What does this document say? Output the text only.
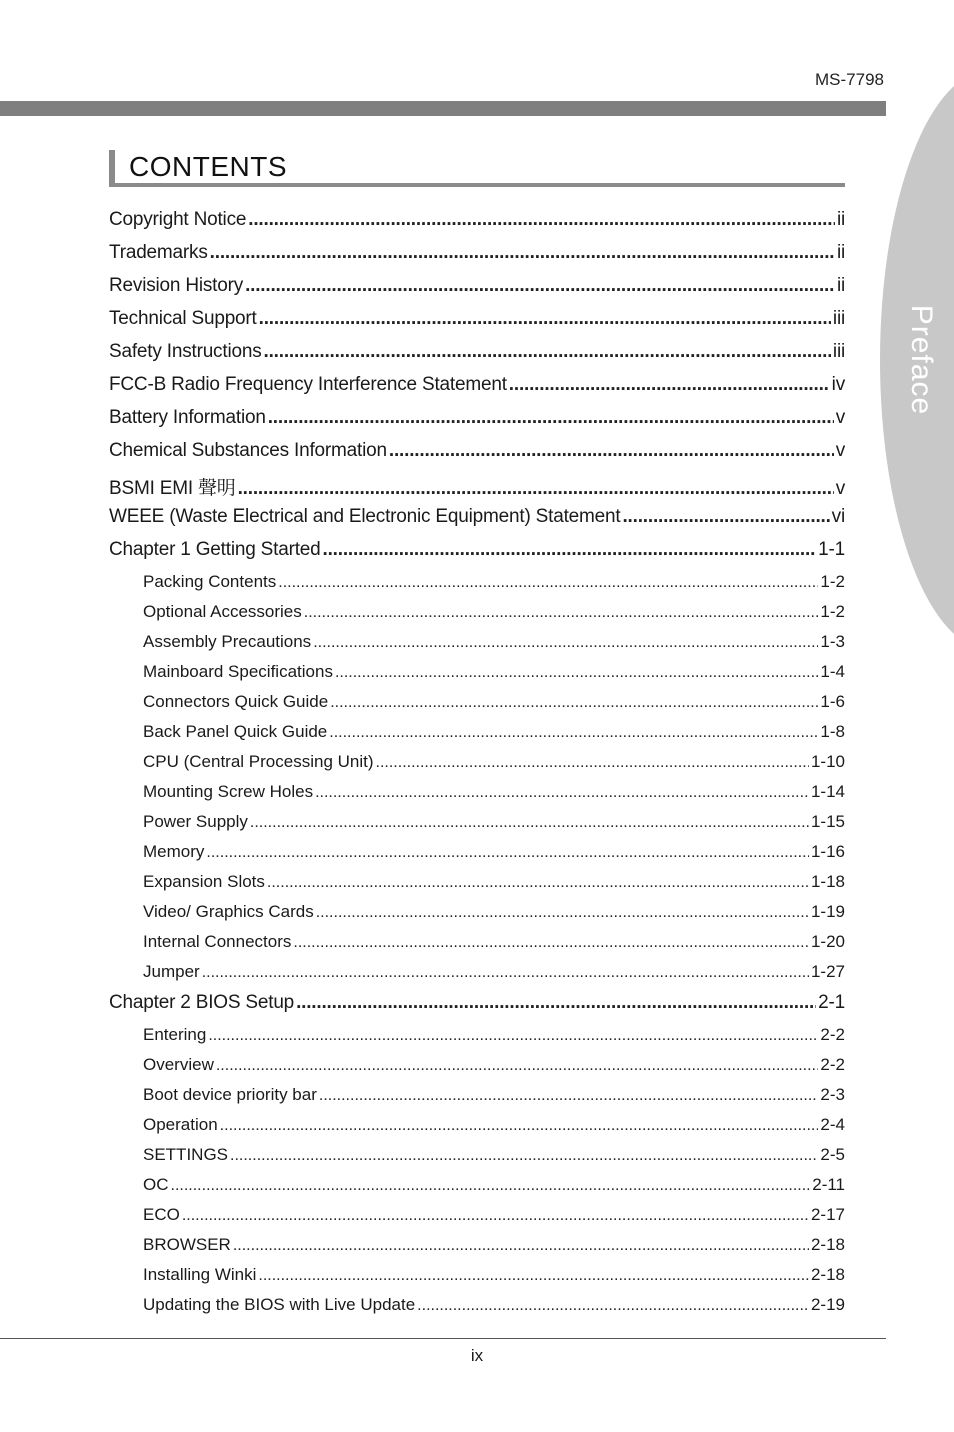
MS-7798
Preface
CONTENTS
Copyright Notice .....	ii
Trademarks .....	ii
Revision History .....	ii
Technical Support .....	iii
Safety Instructions .....	iii
FCC-B Radio Frequency Interference Statement .....	iv
Battery Information .....	v
Chemical Substances Information .....	v
BSMI EMI 聲明 .....	v
WEEE (Waste Electrical and Electronic Equipment) Statement .....	vi
Chapter 1 Getting Started .....	1-1
Packing Contents .....	1-2
Optional Accessories .....	1-2
Assembly Precautions .....	1-3
Mainboard Specifications .....	1-4
Connectors Quick Guide .....	1-6
Back Panel Quick Guide .....	1-8
CPU (Central Processing Unit) .....	1-10
Mounting Screw Holes .....	1-14
Power Supply .....	1-15
Memory .....	1-16
Expansion Slots .....	1-18
Video/ Graphics Cards .....	1-19
Internal Connectors .....	1-20
Jumper .....	1-27
Chapter 2 BIOS Setup .....	2-1
Entering .....	2-2
Overview .....	2-2
Boot device priority bar .....	2-3
Operation .....	2-4
SETTINGS .....	2-5
OC .....	2-11
ECO .....	2-17
BROWSER .....	2-18
Installing Winki .....	2-18
Updating the BIOS with Live Update .....	2-19
ix
